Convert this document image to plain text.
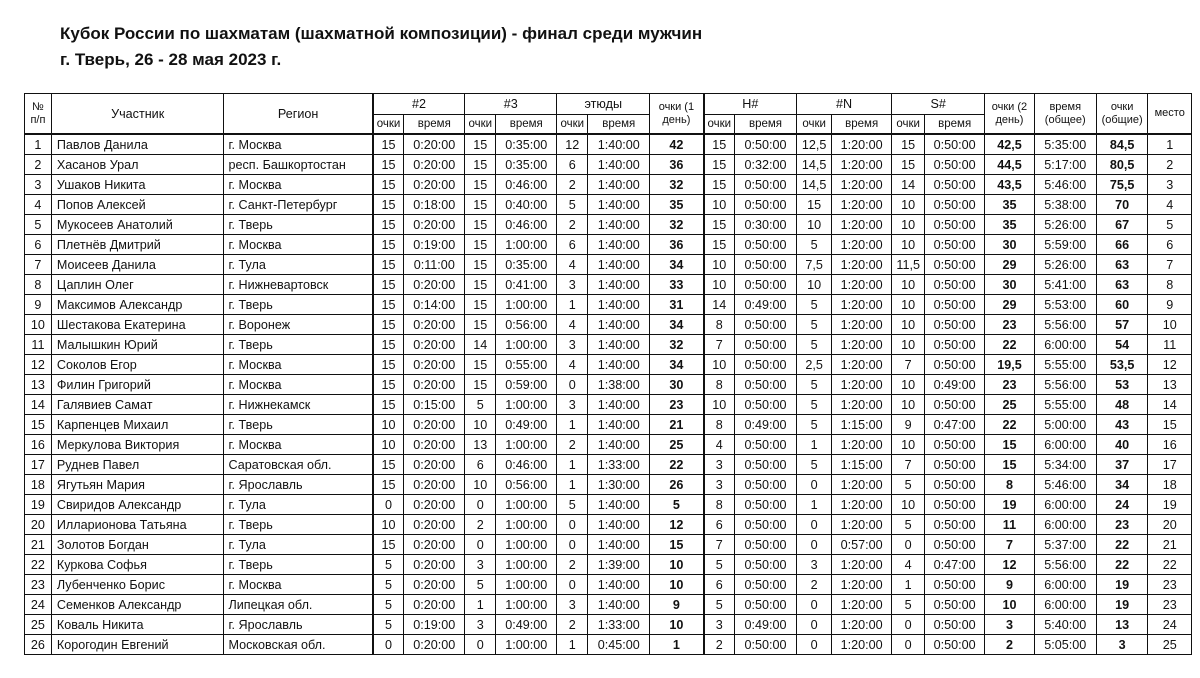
Кубок России по шахматам (шахматной композиции) - финал среди мужчин
г. Тверь, 26 - 28 мая 2023 г.
№ п/п	Участник	Регион	#2		#3		этюды		очки (1 день)	H#		#N		S#		очки (2 день)	время (общее)	очки (общие)	место
			очки	время	очки	время	очки	время		очки	время	очки	время	очки	время				
1	Павлов Данила	г. Москва	15	0:20:00	15	0:35:00	12	1:40:00	42	15	0:50:00	12,5	1:20:00	15	0:50:00	42,5	5:35:00	84,5	1
2	Хасанов Урал	респ. Башкортостан	15	0:20:00	15	0:35:00	6	1:40:00	36	15	0:32:00	14,5	1:20:00	15	0:50:00	44,5	5:17:00	80,5	2
3	Ушаков Никита	г. Москва	15	0:20:00	15	0:46:00	2	1:40:00	32	15	0:50:00	14,5	1:20:00	14	0:50:00	43,5	5:46:00	75,5	3
4	Попов Алексей	г. Санкт-Петербург	15	0:18:00	15	0:40:00	5	1:40:00	35	10	0:50:00	15	1:20:00	10	0:50:00	35	5:38:00	70	4
5	Мукосеев Анатолий	г. Тверь	15	0:20:00	15	0:46:00	2	1:40:00	32	15	0:30:00	10	1:20:00	10	0:50:00	35	5:26:00	67	5
6	Плетнёв Дмитрий	г. Москва	15	0:19:00	15	1:00:00	6	1:40:00	36	15	0:50:00	5	1:20:00	10	0:50:00	30	5:59:00	66	6
7	Моисеев Данила	г. Тула	15	0:11:00	15	0:35:00	4	1:40:00	34	10	0:50:00	7,5	1:20:00	11,5	0:50:00	29	5:26:00	63	7
8	Цаплин Олег	г. Нижневартовск	15	0:20:00	15	0:41:00	3	1:40:00	33	10	0:50:00	10	1:20:00	10	0:50:00	30	5:41:00	63	8
9	Максимов Александр	г. Тверь	15	0:14:00	15	1:00:00	1	1:40:00	31	14	0:49:00	5	1:20:00	10	0:50:00	29	5:53:00	60	9
10	Шестакова Екатерина	г. Воронеж	15	0:20:00	15	0:56:00	4	1:40:00	34	8	0:50:00	5	1:20:00	10	0:50:00	23	5:56:00	57	10
11	Малышкин Юрий	г. Тверь	15	0:20:00	14	1:00:00	3	1:40:00	32	7	0:50:00	5	1:20:00	10	0:50:00	22	6:00:00	54	11
12	Соколов Егор	г. Москва	15	0:20:00	15	0:55:00	4	1:40:00	34	10	0:50:00	2,5	1:20:00	7	0:50:00	19,5	5:55:00	53,5	12
13	Филин Григорий	г. Москва	15	0:20:00	15	0:59:00	0	1:38:00	30	8	0:50:00	5	1:20:00	10	0:49:00	23	5:56:00	53	13
14	Галявиев Самат	г. Нижнекамск	15	0:15:00	5	1:00:00	3	1:40:00	23	10	0:50:00	5	1:20:00	10	0:50:00	25	5:55:00	48	14
15	Карпенцев Михаил	г. Тверь	10	0:20:00	10	0:49:00	1	1:40:00	21	8	0:49:00	5	1:15:00	9	0:47:00	22	5:00:00	43	15
16	Меркулова Виктория	г. Москва	10	0:20:00	13	1:00:00	2	1:40:00	25	4	0:50:00	1	1:20:00	10	0:50:00	15	6:00:00	40	16
17	Руднев Павел	Саратовская обл.	15	0:20:00	6	0:46:00	1	1:33:00	22	3	0:50:00	5	1:15:00	7	0:50:00	15	5:34:00	37	17
18	Ягутьян Мария	г. Ярославль	15	0:20:00	10	0:56:00	1	1:30:00	26	3	0:50:00	0	1:20:00	5	0:50:00	8	5:46:00	34	18
19	Свиридов Александр	г. Тула	0	0:20:00	0	1:00:00	5	1:40:00	5	8	0:50:00	1	1:20:00	10	0:50:00	19	6:00:00	24	19
20	Илларионова Татьяна	г. Тверь	10	0:20:00	2	1:00:00	0	1:40:00	12	6	0:50:00	0	1:20:00	5	0:50:00	11	6:00:00	23	20
21	Золотов Богдан	г. Тула	15	0:20:00	0	1:00:00	0	1:40:00	15	7	0:50:00	0	0:57:00	0	0:50:00	7	5:37:00	22	21
22	Куркова Софья	г. Тверь	5	0:20:00	3	1:00:00	2	1:39:00	10	5	0:50:00	3	1:20:00	4	0:47:00	12	5:56:00	22	22
23	Лубенченко Борис	г. Москва	5	0:20:00	5	1:00:00	0	1:40:00	10	6	0:50:00	2	1:20:00	1	0:50:00	9	6:00:00	19	23
24	Семенков Александр	Липецкая обл.	5	0:20:00	1	1:00:00	3	1:40:00	9	5	0:50:00	0	1:20:00	5	0:50:00	10	6:00:00	19	23
25	Коваль Никита	г. Ярославль	5	0:19:00	3	0:49:00	2	1:33:00	10	3	0:49:00	0	1:20:00	0	0:50:00	3	5:40:00	13	24
26	Корогодин Евгений	Московская обл.	0	0:20:00	0	1:00:00	1	0:45:00	1	2	0:50:00	0	1:20:00	0	0:50:00	2	5:05:00	3	25
